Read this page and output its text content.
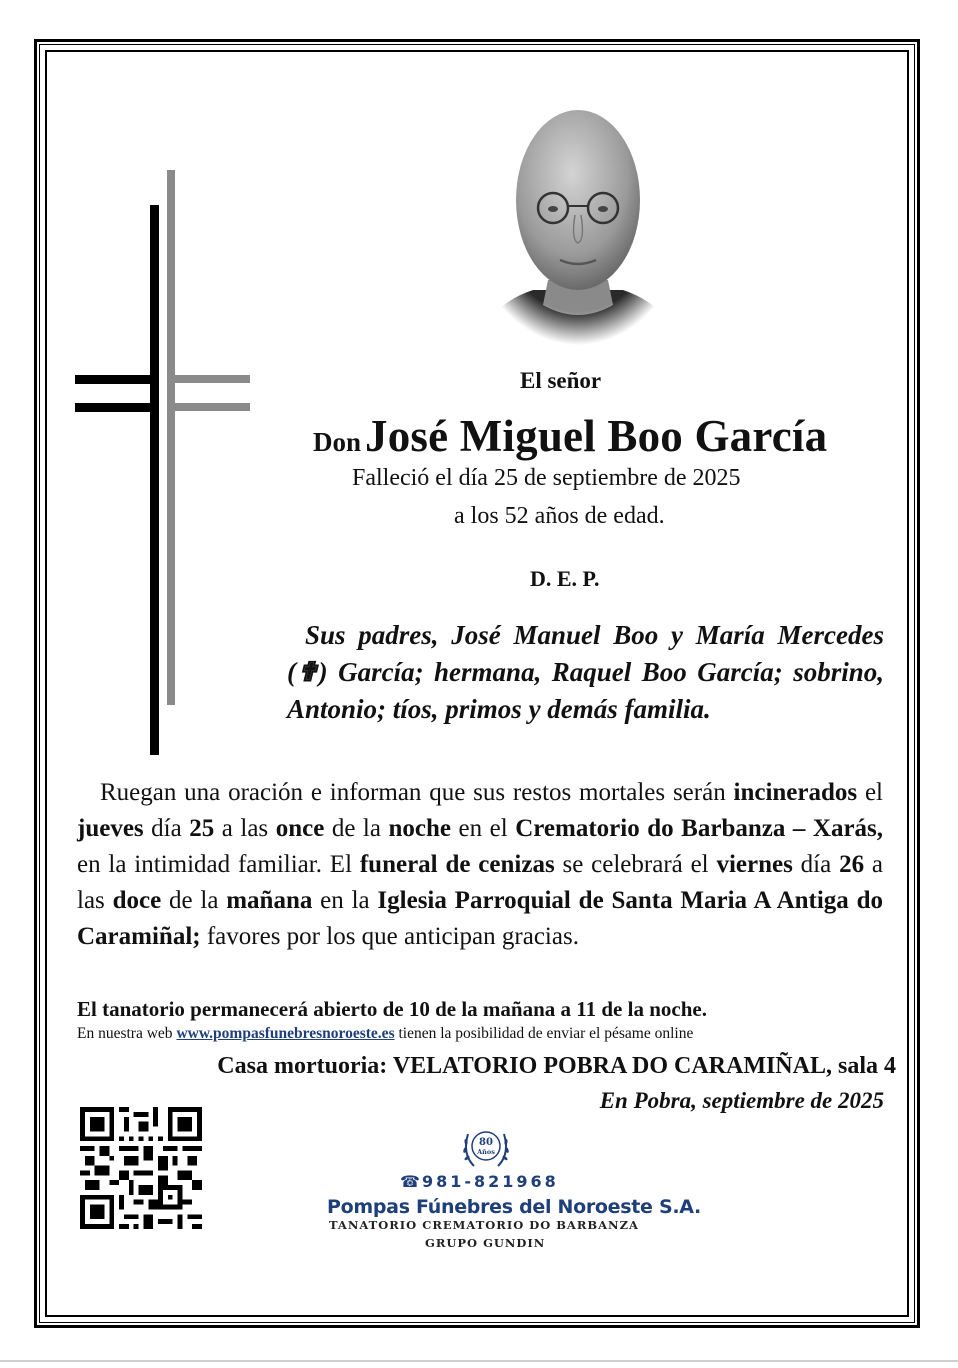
El señor
Don José Miguel Boo García
Falleció el día 25 de septiembre de 2025
a los 52 años de edad.
D. E. P.
Sus padres, José Manuel Boo y María Mercedes (✟) García; hermana, Raquel Boo García; sobrino, Antonio; tíos, primos y demás familia.
Ruegan una oración e informan que sus restos mortales serán incinerados el jueves día 25 a las once de la noche en el Crematorio do Barbanza – Xarás, en la intimidad familiar. El funeral de cenizas se celebrará el viernes día 26 a las doce de la mañana en la Iglesia Parroquial de Santa Maria A Antiga do Caramiñal; favores por los que anticipan gracias.
El tanatorio permanecerá abierto de 10 de la mañana a 11 de la noche.
En nuestra web www.pompasfunebresnoroeste.es tienen la posibilidad de enviar el pésame online
Casa mortuoria: VELATORIO POBRA DO CARAMIÑAL, sala 4
En Pobra, septiembre de 2025
80
Años
☎ 981-821968
Pompas Fúnebres del Noroeste S.A.
TANATORIO CREMATORIO DO BARBANZA
GRUPO GUNDIN
